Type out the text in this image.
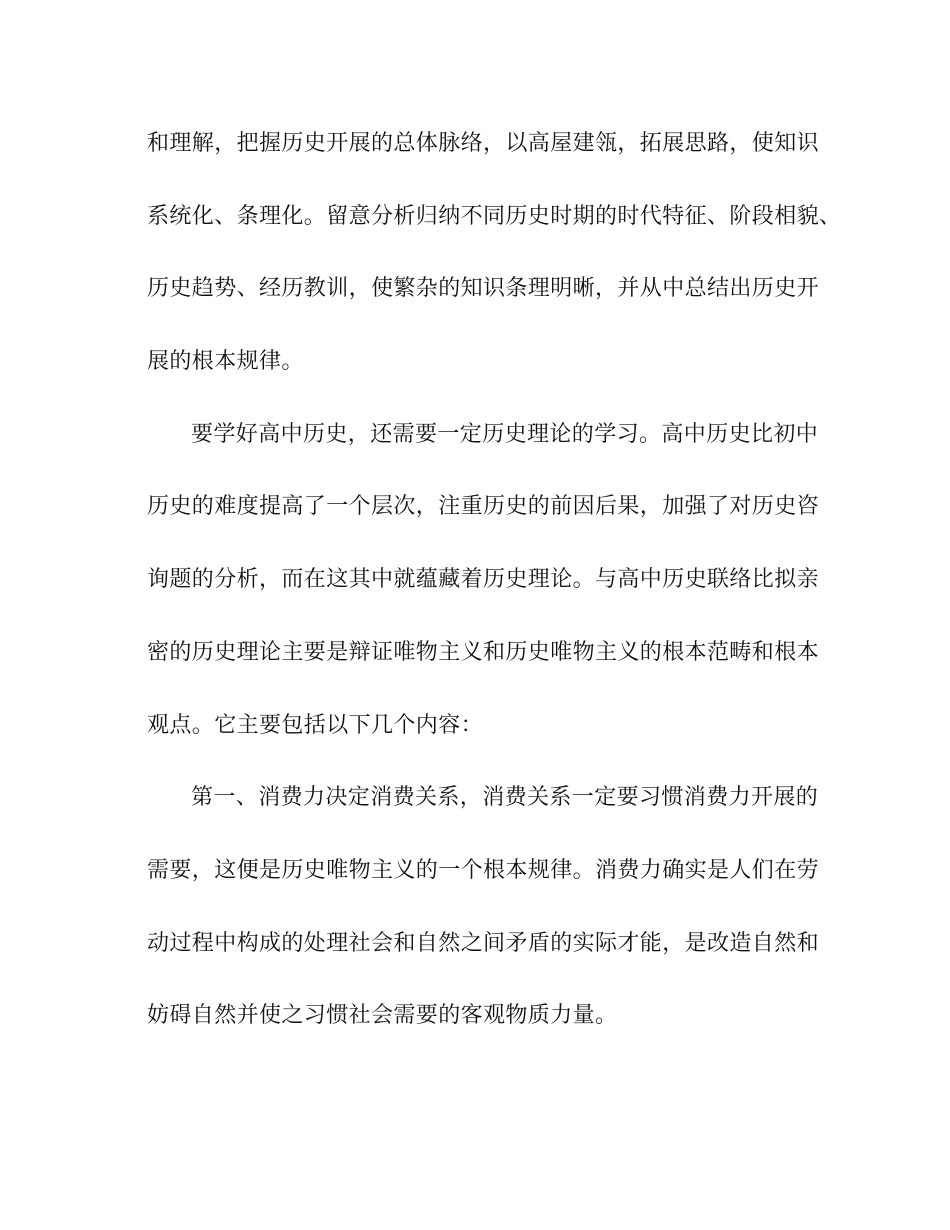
和理解，把握历史开展的总体脉络，以高屋建瓴，拓展思路，使知识
系统化、条理化。留意分析归纳不同历史时期的时代特征、阶段相貌、
历史趋势、经历教训，使繁杂的知识条理明晰，并从中总结出历史开
展的根本规律。
要学好高中历史，还需要一定历史理论的学习。高中历史比初中
历史的难度提高了一个层次，注重历史的前因后果，加强了对历史咨
询题的分析，而在这其中就蕴藏着历史理论。与高中历史联络比拟亲
密的历史理论主要是辩证唯物主义和历史唯物主义的根本范畴和根本
观点。它主要包括以下几个内容：
第一、消费力决定消费关系，消费关系一定要习惯消费力开展的
需要，这便是历史唯物主义的一个根本规律。消费力确实是人们在劳
动过程中构成的处理社会和自然之间矛盾的实际才能，是改造自然和
妨碍自然并使之习惯社会需要的客观物质力量。
